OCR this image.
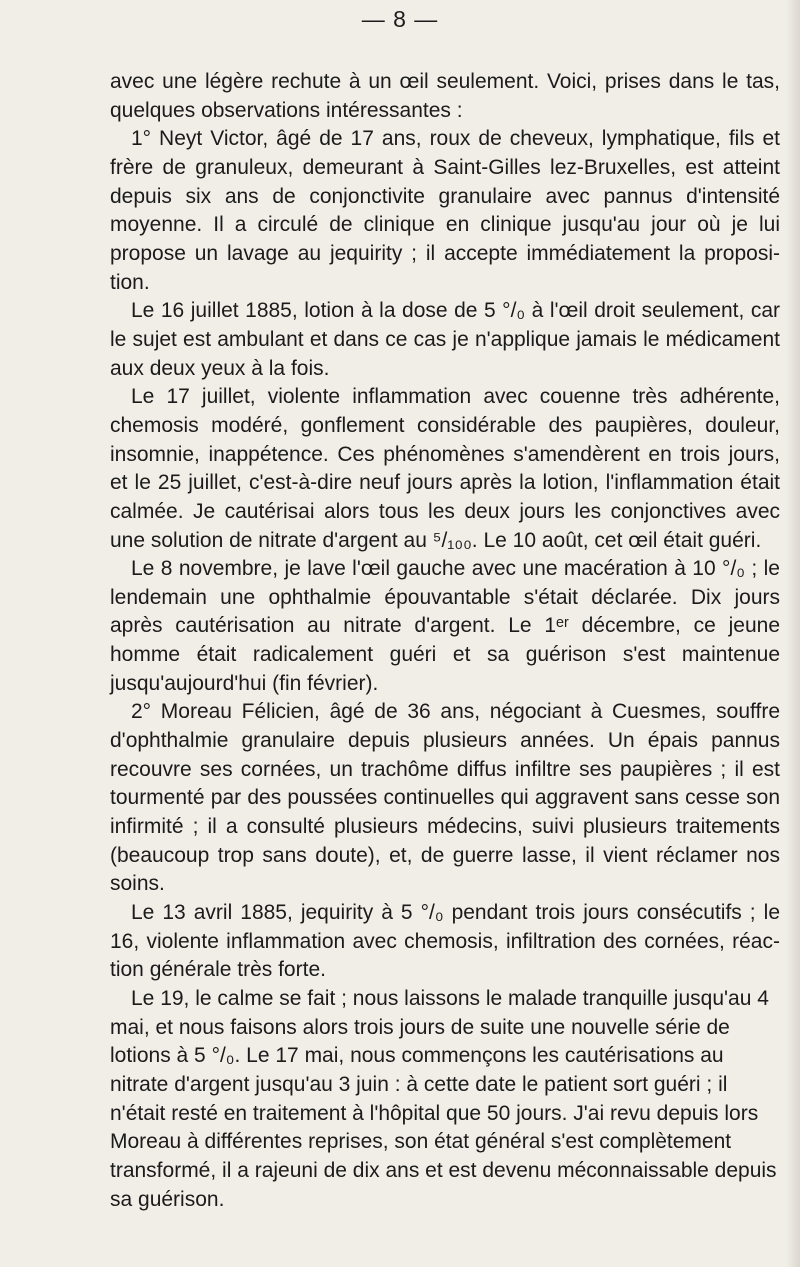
— 8 —

avec une légère rechute à un œil seulement. Voici, prises dans le tas, quelques observations intéressantes :

1° Neyt Victor, âgé de 17 ans, roux de cheveux, lymphatique, fils et frère de granuleux, demeurant à Saint-Gilles lez-Bruxelles, est atteint depuis six ans de conjonctivite granulaire avec pannus d'intensité moyenne. Il a circulé de clinique en clinique jusqu'au jour où je lui propose un lavage au jequirity ; il accepte immédiatement la proposition.

Le 16 juillet 1885, lotion à la dose de 5 °/₀ à l'œil droit seulement, car le sujet est ambulant et dans ce cas je n'applique jamais le médicament aux deux yeux à la fois.

Le 17 juillet, violente inflammation avec couenne très adhérente, chemosis modéré, gonflement considérable des paupières, douleur, insomnie, inappétence. Ces phénomènes s'amendèrent en trois jours, et le 25 juillet, c'est-à-dire neuf jours après la lotion, l'inflammation était calmée. Je cautérisai alors tous les deux jours les conjonctives avec une solution de nitrate d'argent au ⁵/₁₀₀. Le 10 août, cet œil était guéri.

Le 8 novembre, je lave l'œil gauche avec une macération à 10 °/₀ ; le lendemain une ophthalmie épouvantable s'était déclarée. Dix jours après cautérisation au nitrate d'argent. Le 1ᵉʳ décembre, ce jeune homme était radicalement guéri et sa guérison s'est maintenue jusqu'aujourd'hui (fin février).

2° Moreau Félicien, âgé de 36 ans, négociant à Cuesmes, souffre d'ophthalmie granulaire depuis plusieurs années. Un épais pannus recouvre ses cornées, un trachôme diffus infiltre ses paupières ; il est tourmenté par des poussées continuelles qui aggravent sans cesse son infirmité ; il a consulté plusieurs médecins, suivi plusieurs traitements (beaucoup trop sans doute), et, de guerre lasse, il vient réclamer nos soins.

Le 13 avril 1885, jequirity à 5 °/₀ pendant trois jours consécutifs ; le 16, violente inflammation avec chemosis, infiltration des cornées, réaction générale très forte.

Le 19, le calme se fait ; nous laissons le malade tranquille jusqu'au 4 mai, et nous faisons alors trois jours de suite une nouvelle série de lotions à 5 °/₀. Le 17 mai, nous commençons les cautérisations au nitrate d'argent jusqu'au 3 juin : à cette date le patient sort guéri ; il n'était resté en traitement à l'hôpital que 50 jours. J'ai revu depuis lors Moreau à différentes reprises, son état général s'est complètement transformé, il a rajeuni de dix ans et est devenu méconnaissable depuis sa guérison.
